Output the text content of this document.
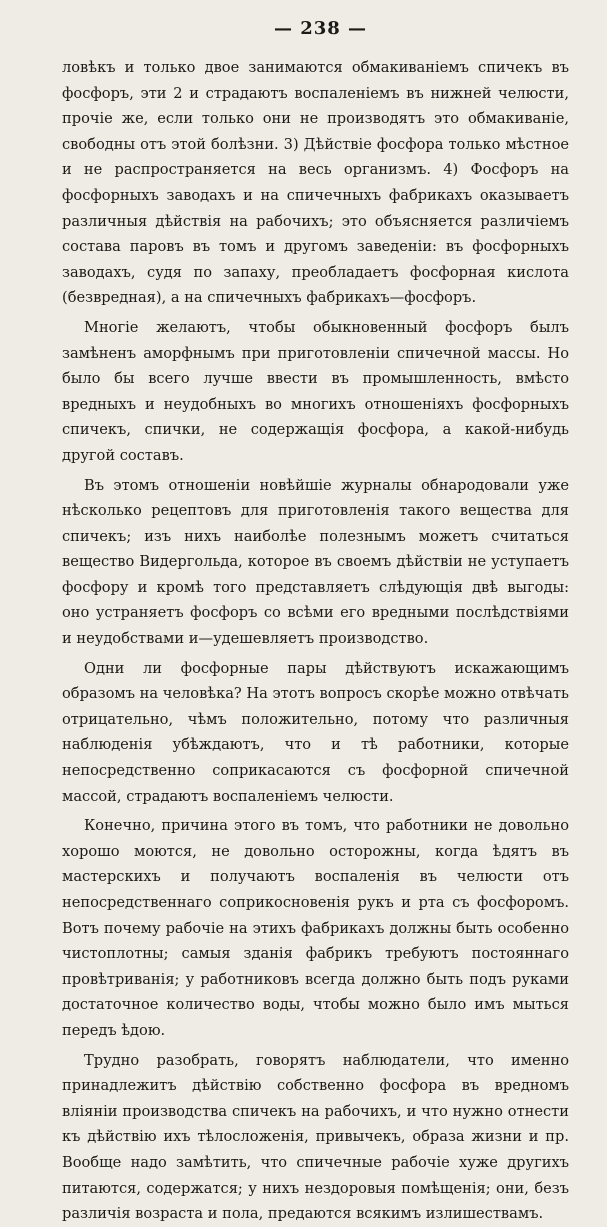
— 238 —

ловѣкъ и только двое занимаются обмакиваніемъ спичекъ въ фосфоръ, эти 2 и страдаютъ воспаленіемъ въ нижней челюсти, прочіе же, если только они не производятъ это обмакиваніе, свободны отъ этой болѣзни. 3) Дѣйствіе фосфора только мѣстное и не распространяется на весь организмъ. 4) Фосфоръ на фосфорныхъ заводахъ и на спичечныхъ фабрикахъ оказываетъ различныя дѣйствія на рабочихъ; это объясняется различіемъ состава паровъ въ томъ и другомъ заведеніи: въ фосфорныхъ заводахъ, судя по запаху, преобладаетъ фосфорная кислота (безвредная), а на спичечныхъ фабрикахъ—фосфоръ.

Многіе желаютъ, чтобы обыкновенный фосфоръ былъ замѣненъ аморфнымъ при приготовленіи спичечной массы. Но было бы всего лучше ввести въ промышленность, вмѣсто вредныхъ и неудобныхъ во многихъ отношеніяхъ фосфорныхъ спичекъ, спички, не содержащія фосфора, а какой-нибудь другой составъ.

Въ этомъ отношеніи новѣйшіе журналы обнародовали уже нѣсколько рецептовъ для приготовленія такого вещества для спичекъ; изъ нихъ наиболѣе полезнымъ можетъ считаться вещество Видергольда, которое въ своемъ дѣйствіи не уступаетъ фосфору и кромѣ того представляетъ слѣдующія двѣ выгоды: оно устраняетъ фосфоръ со всѣми его вредными послѣдствіями и неудобствами и—удешевляетъ производство.

Одни ли фосфорные пары дѣйствуютъ искажающимъ образомъ на человѣка? На этотъ вопросъ скорѣе можно отвѣчать отрицательно, чѣмъ положительно, потому что различныя наблюденія убѣждаютъ, что и тѣ работники, которые непосредственно соприкасаются съ фосфорной спичечной массой, страдаютъ воспаленіемъ челюсти.

Конечно, причина этого въ томъ, что работники не довольно хорошо моются, не довольно осторожны, когда ѣдятъ въ мастерскихъ и получаютъ воспаленія въ челюсти отъ непосредственнаго соприкосновенія рукъ и рта съ фосфоромъ. Вотъ почему рабочіе на этихъ фабрикахъ должны быть особенно чистоплотны; самыя зданія фабрикъ требуютъ постояннаго провѣтриванія; у работниковъ всегда должно быть подъ руками достаточное количество воды, чтобы можно было имъ мыться передъ ѣдою.

Трудно разобрать, говорятъ наблюдатели, что именно принадлежитъ дѣйствію собственно фосфора въ вредномъ вліяніи производства спичекъ на рабочихъ, и что нужно отнести къ дѣйствію ихъ тѣлосложенія, привычекъ, образа жизни и пр. Вообще надо замѣтить, что спичечные рабочіе хуже другихъ питаются, содержатся; у нихъ нездоровыя помѣщенія; они, безъ различія возраста и пола, предаются всякимъ излишествамъ.
